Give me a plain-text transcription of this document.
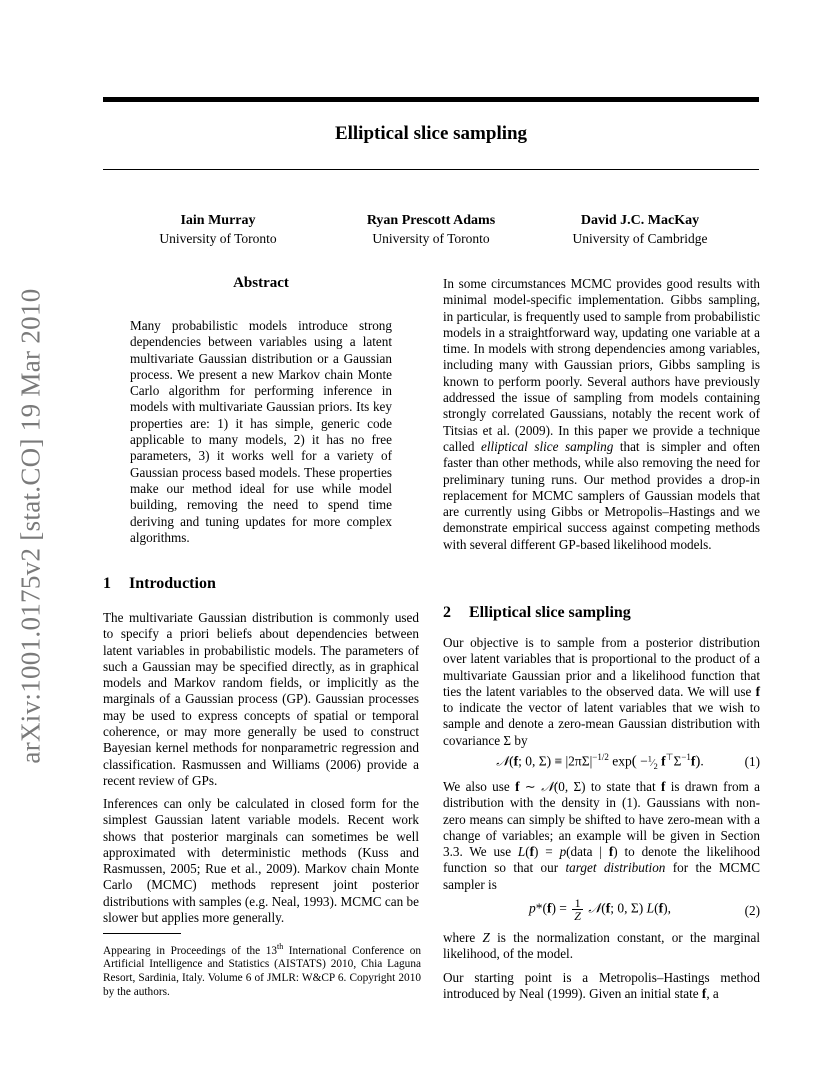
Elliptical slice sampling
Iain Murray
University of Toronto
Ryan Prescott Adams
University of Toronto
David J.C. MacKay
University of Cambridge
arXiv:1001.0175v2 [stat.CO] 19 Mar 2010
Abstract

Many probabilistic models introduce strong dependencies between variables using a latent multivariate Gaussian distribution or a Gaussian process. We present a new Markov chain Monte Carlo algorithm for performing inference in models with multivariate Gaussian priors. Its key properties are: 1) it has simple, generic code applicable to many models, 2) it has no free parameters, 3) it works well for a variety of Gaussian process based models. These properties make our method ideal for use while model building, removing the need to spend time deriving and tuning updates for more complex algorithms.

1 Introduction

The multivariate Gaussian distribution is commonly used to specify a priori beliefs about dependencies between latent variables in probabilistic models. The parameters of such a Gaussian may be specified directly, as in graphical models and Markov random fields, or implicitly as the marginals of a Gaussian process (GP). Gaussian processes may be used to express concepts of spatial or temporal coherence, or may more generally be used to construct Bayesian kernel methods for nonparametric regression and classification. Rasmussen and Williams (2006) provide a recent review of GPs.

Inferences can only be calculated in closed form for the simplest Gaussian latent variable models. Recent work shows that posterior marginals can sometimes be well approximated with deterministic methods (Kuss and Rasmussen, 2005; Rue et al., 2009). Markov chain Monte Carlo (MCMC) methods represent joint posterior distributions with samples (e.g. Neal, 1993). MCMC can be slower but applies more generally.

Appearing in Proceedings of the 13th International Conference on Artificial Intelligence and Statistics (AISTATS) 2010, Chia Laguna Resort, Sardinia, Italy. Volume 6 of JMLR: W&CP 6. Copyright 2010 by the authors.

In some circumstances MCMC provides good results with minimal model-specific implementation. Gibbs sampling, in particular, is frequently used to sample from probabilistic models in a straightforward way, updating one variable at a time. In models with strong dependencies among variables, including many with Gaussian priors, Gibbs sampling is known to perform poorly. Several authors have previously addressed the issue of sampling from models containing strongly correlated Gaussians, notably the recent work of Titsias et al. (2009). In this paper we provide a technique called elliptical slice sampling that is simpler and often faster than other methods, while also removing the need for preliminary tuning runs. Our method provides a drop-in replacement for MCMC samplers of Gaussian models that are currently using Gibbs or Metropolis–Hastings and we demonstrate empirical success against competing methods with several different GP-based likelihood models.

2 Elliptical slice sampling

Our objective is to sample from a posterior distribution over latent variables that is proportional to the product of a multivariate Gaussian prior and a likelihood function that ties the latent variables to the observed data. We will use f to indicate the vector of latent variables that we wish to sample and denote a zero-mean Gaussian distribution with covariance Σ by

𝒩(f; 0, $\Sigma) \equiv |2\pi\Sigma|^{-1/2}$ $\exp( -^1⁄_2$ $f^⊤\Sigma^{-1}f$).	(1)

We also use f ∼ 𝒩(0, Σ) to state that f is drawn from a distribution with the density in (1). Gaussians with non-zero means can simply be shifted to have zero-mean with a change of variables; an example will be given in Section 3.3. We use L(f) = p(data | f) to denote the likelihood function so that our target distribution for the MCMC sampler is

$p*(f) = \frac{1}{Z}$ 𝒩(f; 0, Σ) L(f),	(2)

where Z is the normalization constant, or the marginal likelihood, of the model.

Our starting point is a Metropolis–Hastings method introduced by Neal (1999). Given an initial state f, a
